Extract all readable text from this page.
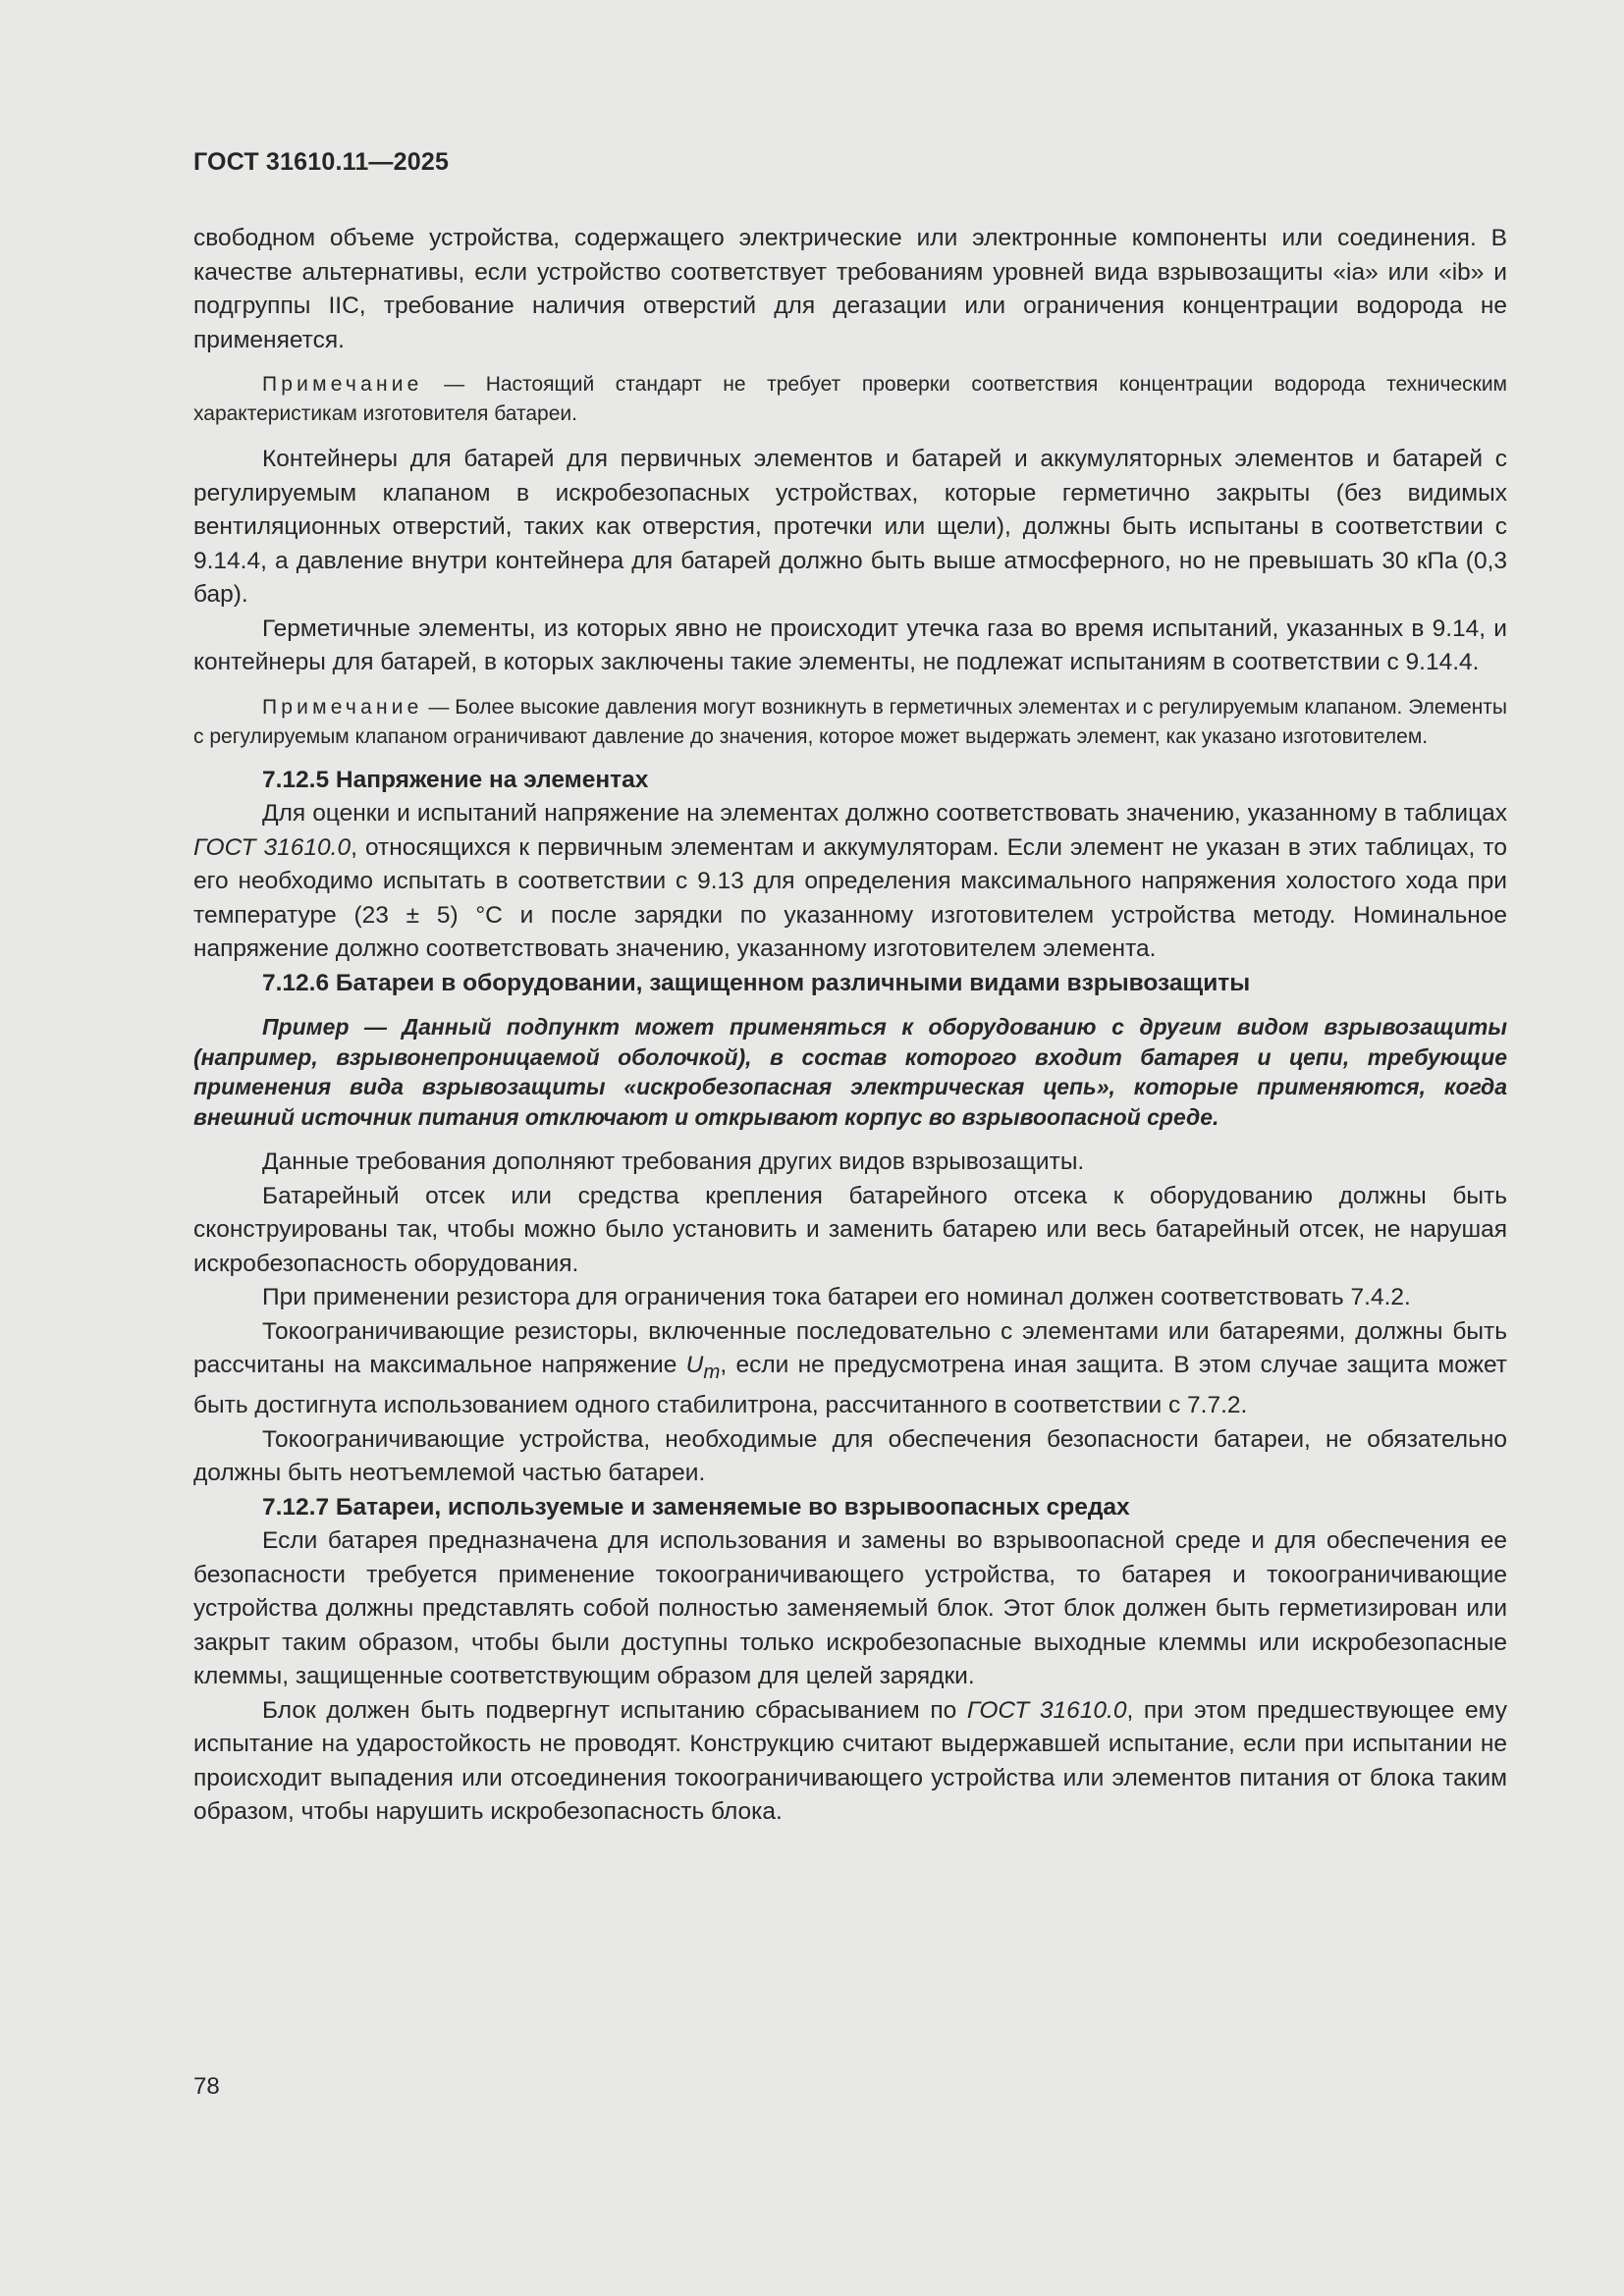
ГОСТ 31610.11—2025

свободном объеме устройства, содержащего электрические или электронные компоненты или соединения. В качестве альтернативы, если устройство соответствует требованиям уровней вида взрывозащиты «ia» или «ib» и подгруппы IIC, требование наличия отверстий для дегазации или ограничения концентрации водорода не применяется.

Примечание — Настоящий стандарт не требует проверки соответствия концентрации водорода техническим характеристикам изготовителя батареи.

Контейнеры для батарей для первичных элементов и батарей и аккумуляторных элементов и батарей с регулируемым клапаном в искробезопасных устройствах, которые герметично закрыты (без видимых вентиляционных отверстий, таких как отверстия, протечки или щели), должны быть испытаны в соответствии с 9.14.4, а давление внутри контейнера для батарей должно быть выше атмосферного, но не превышать 30 кПа (0,3 бар).

Герметичные элементы, из которых явно не происходит утечка газа во время испытаний, указанных в 9.14, и контейнеры для батарей, в которых заключены такие элементы, не подлежат испытаниям в соответствии с 9.14.4.

Примечание — Более высокие давления могут возникнуть в герметичных элементах и с регулируемым клапаном. Элементы с регулируемым клапаном ограничивают давление до значения, которое может выдержать элемент, как указано изготовителем.

7.12.5 Напряжение на элементах

Для оценки и испытаний напряжение на элементах должно соответствовать значению, указанному в таблицах ГОСТ 31610.0, относящихся к первичным элементам и аккумуляторам. Если элемент не указан в этих таблицах, то его необходимо испытать в соответствии с 9.13 для определения максимального напряжения холостого хода при температуре (23 ± 5) °С и после зарядки по указанному изготовителем устройства методу. Номинальное напряжение должно соответствовать значению, указанному изготовителем элемента.

7.12.6 Батареи в оборудовании, защищенном различными видами взрывозащиты

Пример — Данный подпункт может применяться к оборудованию с другим видом взрывозащиты (например, взрывонепроницаемой оболочкой), в состав которого входит батарея и цепи, требующие применения вида взрывозащиты «искробезопасная электрическая цепь», которые применяются, когда внешний источник питания отключают и открывают корпус во взрывоопасной среде.

Данные требования дополняют требования других видов взрывозащиты.

Батарейный отсек или средства крепления батарейного отсека к оборудованию должны быть сконструированы так, чтобы можно было установить и заменить батарею или весь батарейный отсек, не нарушая искробезопасность оборудования.

При применении резистора для ограничения тока батареи его номинал должен соответствовать 7.4.2.

Токоограничивающие резисторы, включенные последовательно с элементами или батареями, должны быть рассчитаны на максимальное напряжение $U_m$, если не предусмотрена иная защита. В этом случае защита может быть достигнута использованием одного стабилитрона, рассчитанного в соответствии с 7.7.2.

Токоограничивающие устройства, необходимые для обеспечения безопасности батареи, не обязательно должны быть неотъемлемой частью батареи.

7.12.7 Батареи, используемые и заменяемые во взрывоопасных средах

Если батарея предназначена для использования и замены во взрывоопасной среде и для обеспечения ее безопасности требуется применение токоограничивающего устройства, то батарея и токоограничивающие устройства должны представлять собой полностью заменяемый блок. Этот блок должен быть герметизирован или закрыт таким образом, чтобы были доступны только искробезопасные выходные клеммы или искробезопасные клеммы, защищенные соответствующим образом для целей зарядки.

Блок должен быть подвергнут испытанию сбрасыванием по ГОСТ 31610.0, при этом предшествующее ему испытание на ударостойкость не проводят. Конструкцию считают выдержавшей испытание, если при испытании не происходит выпадения или отсоединения токоограничивающего устройства или элементов питания от блока таким образом, чтобы нарушить искробезопасность блока.

78
